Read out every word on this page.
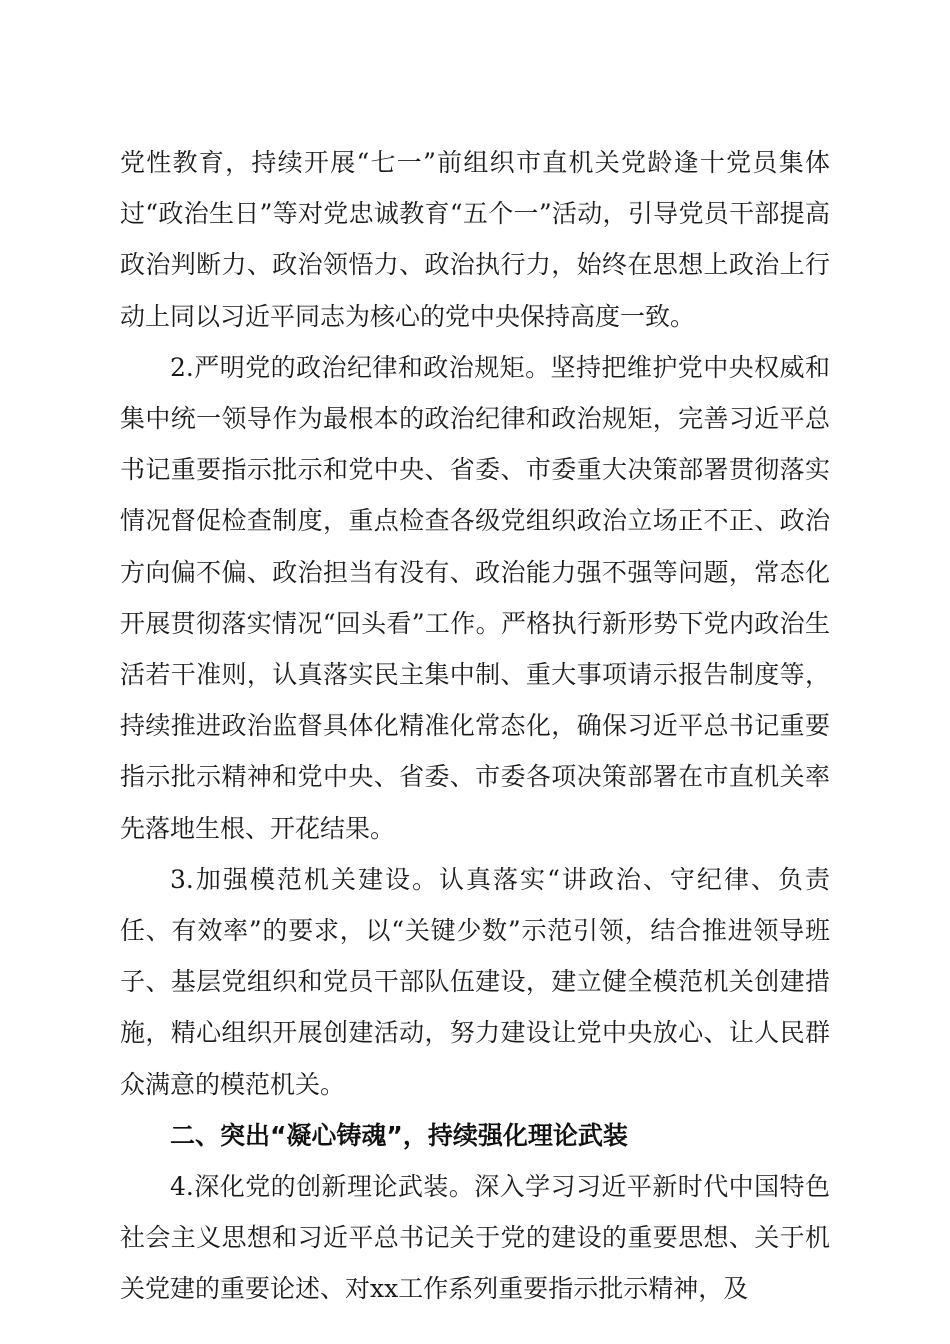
党性教育，持续开展“七一”前组织市直机关党龄逢十党员集体过“政治生日”等对党忠诚教育“五个一”活动，引导党员干部提高政治判断力、政治领悟力、政治执行力，始终在思想上政治上行动上同以习近平同志为核心的党中央保持高度一致。

2.严明党的政治纪律和政治规矩。坚持把维护党中央权威和集中统一领导作为最根本的政治纪律和政治规矩，完善习近平总书记重要指示批示和党中央、省委、市委重大决策部署贯彻落实情况督促检查制度，重点检查各级党组织政治立场正不正、政治方向偏不偏、政治担当有没有、政治能力强不强等问题，常态化开展贯彻落实情况“回头看”工作。严格执行新形势下党内政治生活若干准则，认真落实民主集中制、重大事项请示报告制度等，持续推进政治监督具体化精准化常态化，确保习近平总书记重要指示批示精神和党中央、省委、市委各项决策部署在市直机关率先落地生根、开花结果。

3.加强模范机关建设。认真落实“讲政治、守纪律、负责任、有效率”的要求，以“关键少数”示范引领，结合推进领导班子、基层党组织和党员干部队伍建设，建立健全模范机关创建措施，精心组织开展创建活动，努力建设让党中央放心、让人民群众满意的模范机关。

二、突出“凝心铸魂”，持续强化理论武装

4.深化党的创新理论武装。深入学习习近平新时代中国特色社会主义思想和习近平总书记关于党的建设的重要思想、关于机关党建的重要论述、对xx工作系列重要指示批示精神，及
